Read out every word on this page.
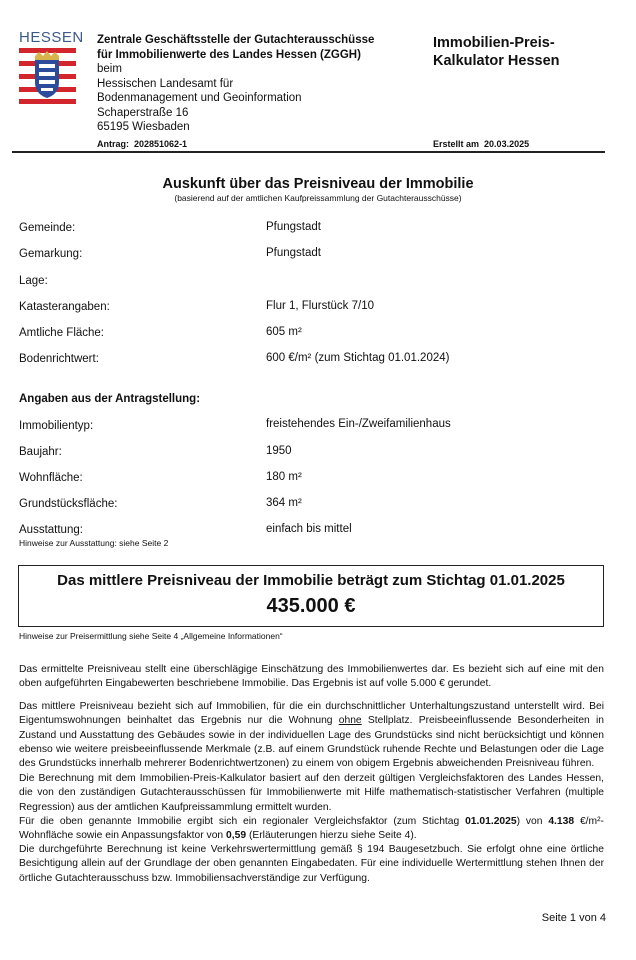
HESSEN Zentrale Geschäftsstelle der Gutachterausschüsse
für Immobilienwerte des Landes Hessen (ZGGH)
beim
Hessischen Landesamt für
Bodenmanagement und Geoinformation
Schaperstraße 16
65195 Wiesbaden
Immobilien-Preis-
Kalkulator Hessen
Antrag: 202851062-1	Erstellt am 20.03.2025
Auskunft über das Preisniveau der Immobilie
(basierend auf der amtlichen Kaufpreissammlung der Gutachterausschüsse)
Gemeinde:	Pfungstadt
Gemarkung:	Pfungstadt
Lage:
Katasterangaben:	Flur 1, Flurstück 7/10
Amtliche Fläche:	605 m²
Bodenrichtwert:	600 €/m² (zum Stichtag 01.01.2024)
Angaben aus der Antragstellung:
Immobilientyp:	freistehendes Ein-/Zweifamilienhaus
Baujahr:	1950
Wohnfläche:	180 m²
Grundstücksfläche:	364 m²
Ausstattung:	einfach bis mittel
Hinweise zur Ausstattung: siehe Seite 2
Das mittlere Preisniveau der Immobilie beträgt zum Stichtag 01.01.2025
435.000 €
Hinweise zur Preisermittlung siehe Seite 4 „Allgemeine Informationen“
Das ermittelte Preisniveau stellt eine überschlägige Einschätzung des Immobilienwertes dar. Es bezieht sich auf eine mit den oben aufgeführten Eingabewerten beschriebene Immobilie. Das Ergebnis ist auf volle 5.000 € gerundet.
Das mittlere Preisniveau bezieht sich auf Immobilien, für die ein durchschnittlicher Unterhaltungszustand unterstellt wird. Bei Eigentumswohnungen beinhaltet das Ergebnis nur die Wohnung ohne Stellplatz. Preisbeeinflussende Besonderheiten in Zustand und Ausstattung des Gebäudes sowie in der individuellen Lage des Grundstücks sind nicht berücksichtigt und können ebenso wie weitere preisbeeinflussende Merkmale (z.B. auf einem Grundstück ruhende Rechte und Belastungen oder die Lage des Grundstücks innerhalb mehrerer Bodenrichtwertzonen) zu einem von obigem Ergebnis abweichenden Preisniveau führen.
Die Berechnung mit dem Immobilien-Preis-Kalkulator basiert auf den derzeit gültigen Vergleichsfaktoren des Landes Hessen, die von den zuständigen Gutachterausschüssen für Immobilienwerte mit Hilfe mathematisch-statistischer Verfahren (multiple Regression) aus der amtlichen Kaufpreissammlung ermittelt wurden.
Für die oben genannte Immobilie ergibt sich ein regionaler Vergleichsfaktor (zum Stichtag 01.01.2025) von 4.138 €/m²-Wohnfläche sowie ein Anpassungsfaktor von 0,59 (Erläuterungen hierzu siehe Seite 4).
Die durchgeführte Berechnung ist keine Verkehrswertermittlung gemäß § 194 Baugesetzbuch. Sie erfolgt ohne eine örtliche Besichtigung allein auf der Grundlage der oben genannten Eingabedaten. Für eine individuelle Wertermittlung stehen Ihnen der örtliche Gutachterausschuss bzw. Immobiliensachverständige zur Verfügung.
Seite 1 von 4
